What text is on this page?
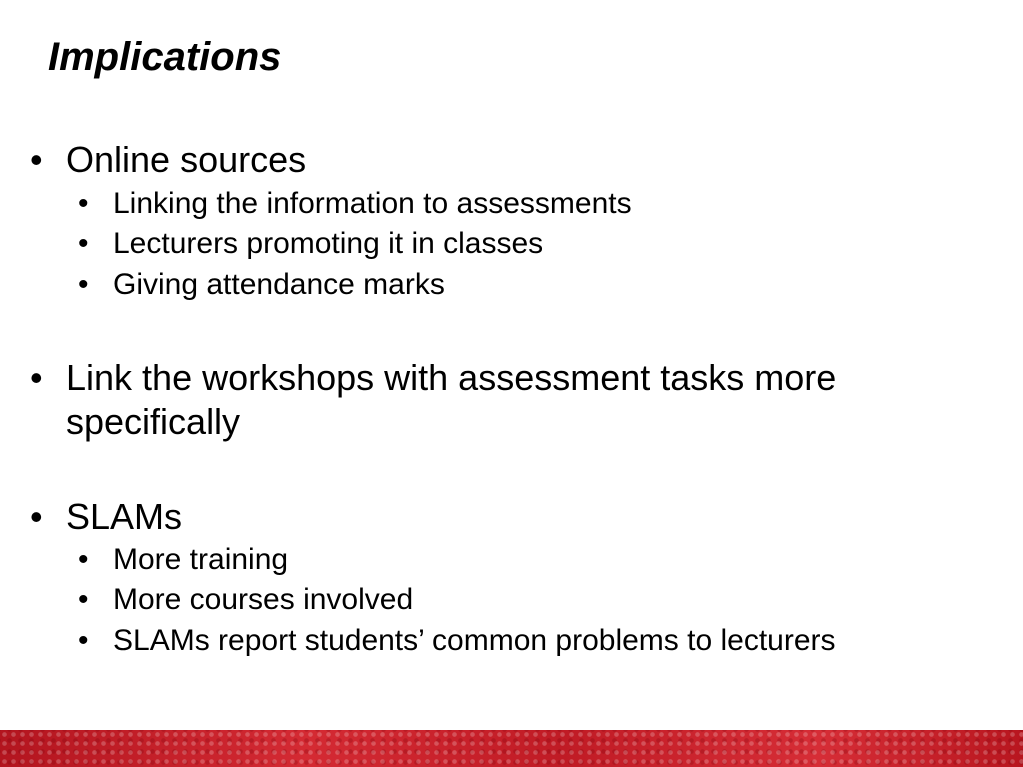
Implications
• Online sources
• Linking the information to assessments
• Lecturers promoting it in classes
• Giving attendance marks
• Link the workshops with assessment tasks more specifically
• SLAMs
• More training
• More courses involved
• SLAMs report students’ common problems to lecturers
